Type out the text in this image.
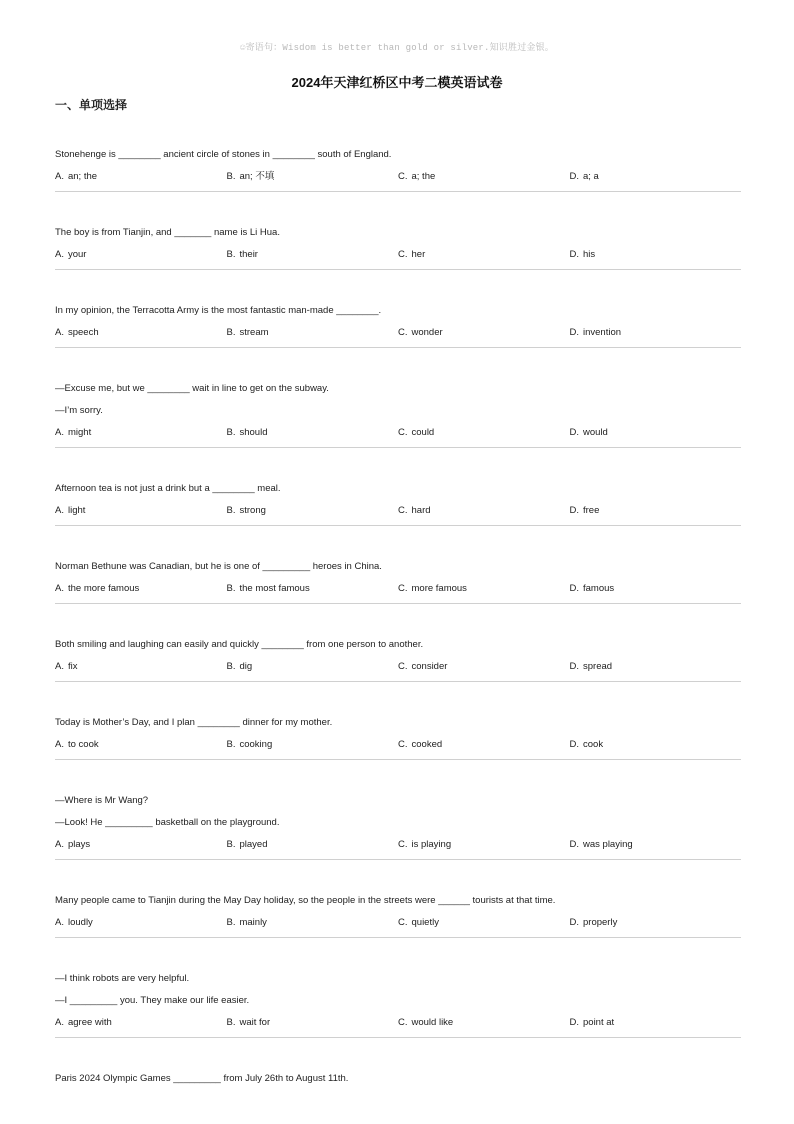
☺寄语句：Wisdom is better than gold or silver.知识胜过金银。
2024年天津红桥区中考二模英语试卷
一、单项选择
Stonehenge is ________ ancient circle of stones in ________ south of England.
A. an; the	B. an; 不填	C. a; the	D. a; a
The boy is from Tianjin, and _______ name is Li Hua.
A. your	B. their	C. her	D. his
In my opinion, the Terracotta Army is the most fantastic man-made ________.
A. speech	B. stream	C. wonder	D. invention
—Excuse me, but we ________ wait in line to get on the subway.
—I’m sorry.
A. might	B. should	C. could	D. would
Afternoon tea is not just a drink but a ________ meal.
A. light	B. strong	C. hard	D. free
Norman Bethune was Canadian, but he is one of _________ heroes in China.
A. the more famous	B. the most famous	C. more famous	D. famous
Both smiling and laughing can easily and quickly ________ from one person to another.
A. fix	B. dig	C. consider	D. spread
Today is Mother’s Day, and I plan ________ dinner for my mother.
A. to cook	B. cooking	C. cooked	D. cook
—Where is Mr Wang?
—Look! He _________ basketball on the playground.
A. plays	B. played	C. is playing	D. was playing
Many people came to Tianjin during the May Day holiday, so the people in the streets were ______ tourists at that time.
A. loudly	B. mainly	C. quietly	D. properly
—I think robots are very helpful.
—I _________ you. They make our life easier.
A. agree with	B. wait for	C. would like	D. point at
Paris 2024 Olympic Games _________ from July 26th to August 11th.
